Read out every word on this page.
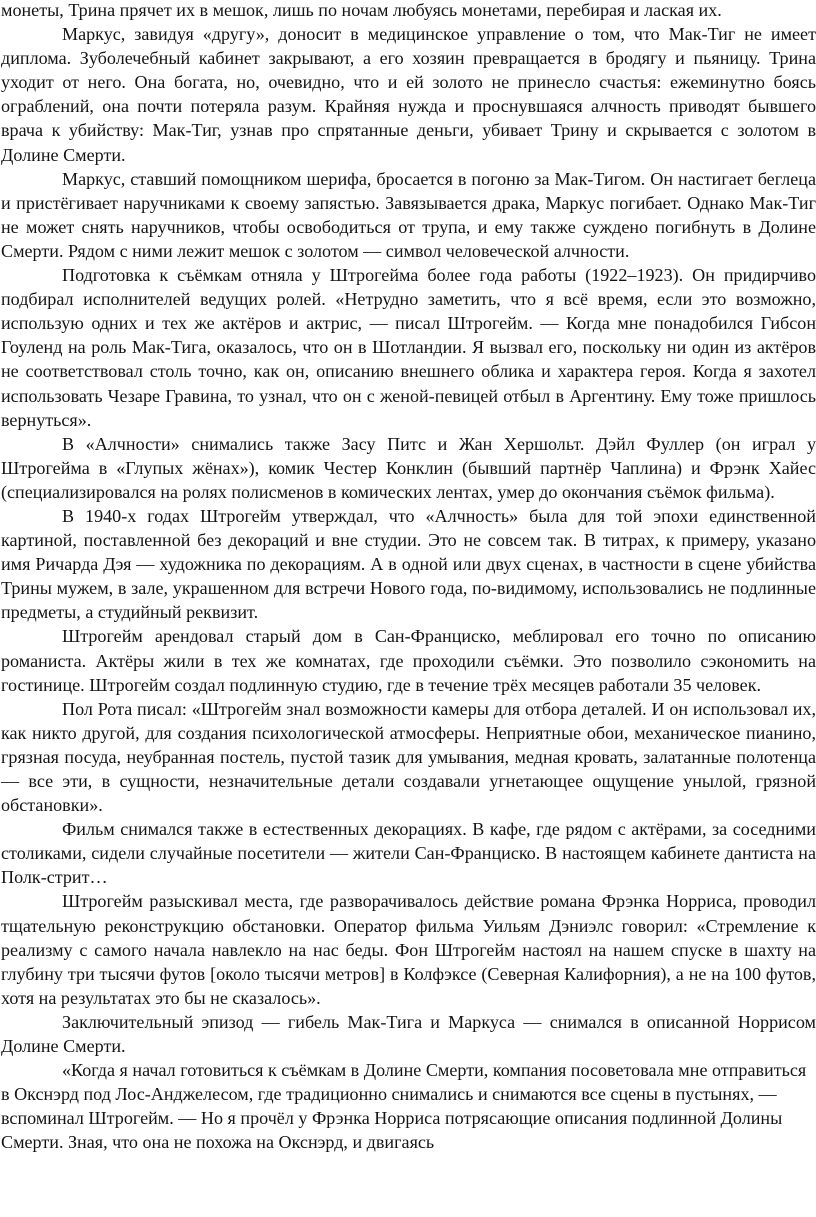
монеты, Трина прячет их в мешок, лишь по ночам любуясь монетами, перебирая и лаская их.

Маркус, завидуя «другу», доносит в медицинское управление о том, что Мак-Тиг не имеет диплома. Зуболечебный кабинет закрывают, а его хозяин превращается в бродягу и пьяницу. Трина уходит от него. Она богата, но, очевидно, что и ей золото не принесло счастья: ежеминутно боясь ограблений, она почти потеряла разум. Крайняя нужда и проснувшаяся алчность приводят бывшего врача к убийству: Мак-Тиг, узнав про спрятанные деньги, убивает Трину и скрывается с золотом в Долине Смерти.

Маркус, ставший помощником шерифа, бросается в погоню за Мак-Тигом. Он настигает беглеца и пристёгивает наручниками к своему запястью. Завязывается драка, Маркус погибает. Однако Мак-Тиг не может снять наручников, чтобы освободиться от трупа, и ему также суждено погибнуть в Долине Смерти. Рядом с ними лежит мешок с золотом — символ человеческой алчности.

Подготовка к съёмкам отняла у Штрогейма более года работы (1922–1923). Он придирчиво подбирал исполнителей ведущих ролей. «Нетрудно заметить, что я всё время, если это возможно, использую одних и тех же актёров и актрис, — писал Штрогейм. — Когда мне понадобился Гибсон Гоуленд на роль Мак-Тига, оказалось, что он в Шотландии. Я вызвал его, поскольку ни один из актёров не соответствовал столь точно, как он, описанию внешнего облика и характера героя. Когда я захотел использовать Чезаре Гравина, то узнал, что он с женой-певицей отбыл в Аргентину. Ему тоже пришлось вернуться».

В «Алчности» снимались также Засу Питс и Жан Хершольт. Дэйл Фуллер (он играл у Штрогейма в «Глупых жёнах»), комик Честер Конклин (бывший партнёр Чаплина) и Фрэнк Хайес (специализировался на ролях полисменов в комических лентах, умер до окончания съёмок фильма).

В 1940-х годах Штрогейм утверждал, что «Алчность» была для той эпохи единственной картиной, поставленной без декораций и вне студии. Это не совсем так. В титрах, к примеру, указано имя Ричарда Дэя — художника по декорациям. А в одной или двух сценах, в частности в сцене убийства Трины мужем, в зале, украшенном для встречи Нового года, по-видимому, использовались не подлинные предметы, а студийный реквизит.

Штрогейм арендовал старый дом в Сан-Франциско, меблировал его точно по описанию романиста. Актёры жили в тех же комнатах, где проходили съёмки. Это позволило сэкономить на гостинице. Штрогейм создал подлинную студию, где в течение трёх месяцев работали 35 человек.

Пол Рота писал: «Штрогейм знал возможности камеры для отбора деталей. И он использовал их, как никто другой, для создания психологической атмосферы. Неприятные обои, механическое пианино, грязная посуда, неубранная постель, пустой тазик для умывания, медная кровать, залатанные полотенца — все эти, в сущности, незначительные детали создавали угнетающее ощущение унылой, грязной обстановки».

Фильм снимался также в естественных декорациях. В кафе, где рядом с актёрами, за соседними столиками, сидели случайные посетители — жители Сан-Франциско. В настоящем кабинете дантиста на Полк-стрит…

Штрогейм разыскивал места, где разворачивалось действие романа Фрэнка Норриса, проводил тщательную реконструкцию обстановки. Оператор фильма Уильям Дэниэлс говорил: «Стремление к реализму с самого начала навлекло на нас беды. Фон Штрогейм настоял на нашем спуске в шахту на глубину три тысячи футов [около тысячи метров] в Колфэксе (Северная Калифорния), а не на 100 футов, хотя на результатах это бы не сказалось».

Заключительный эпизод — гибель Мак-Тига и Маркуса — снимался в описанной Норрисом Долине Смерти.

«Когда я начал готовиться к съёмкам в Долине Смерти, компания посоветовала мне отправиться в Окснэрд под Лос-Анджелесом, где традиционно снимались и снимаются все сцены в пустынях, — вспоминал Штрогейм. — Но я прочёл у Фрэнка Норриса потрясающие описания подлинной Долины Смерти. Зная, что она не похожа на Окснэрд, и двигаясь
